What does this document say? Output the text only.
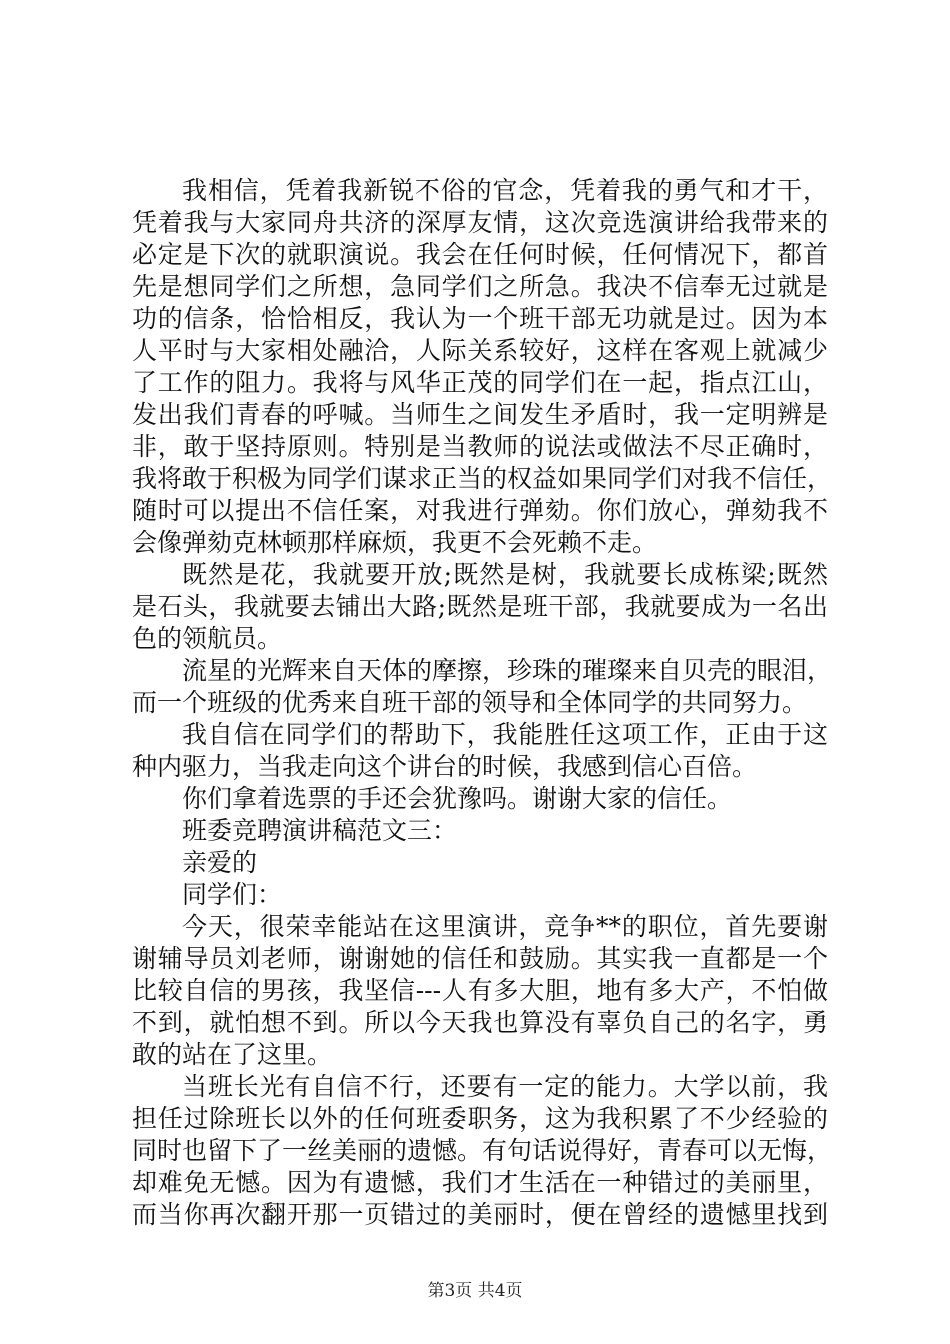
我相信，凭着我新锐不俗的官念，凭着我的勇气和才干，
凭着我与大家同舟共济的深厚友情，这次竞选演讲给我带来的
必定是下次的就职演说。我会在任何时候，任何情况下，都首
先是想同学们之所想，急同学们之所急。我决不信奉无过就是
功的信条，恰恰相反，我认为一个班干部无功就是过。因为本
人平时与大家相处融洽，人际关系较好，这样在客观上就减少
了工作的阻力。我将与风华正茂的同学们在一起，指点江山，
发出我们青春的呼喊。当师生之间发生矛盾时，我一定明辨是
非，敢于坚持原则。特别是当教师的说法或做法不尽正确时，
我将敢于积极为同学们谋求正当的权益如果同学们对我不信任，
随时可以提出不信任案，对我进行弹劾。你们放心，弹劾我不
会像弹劾克林顿那样麻烦，我更不会死赖不走。
既然是花，我就要开放;既然是树，我就要长成栋梁;既然
是石头，我就要去铺出大路;既然是班干部，我就要成为一名出
色的领航员。
流星的光辉来自天体的摩擦，珍珠的璀璨来自贝壳的眼泪，
而一个班级的优秀来自班干部的领导和全体同学的共同努力。
我自信在同学们的帮助下，我能胜任这项工作，正由于这
种内驱力，当我走向这个讲台的时候，我感到信心百倍。
你们拿着选票的手还会犹豫吗。谢谢大家的信任。
班委竞聘演讲稿范文三：
亲爱的
同学们：
今天，很荣幸能站在这里演讲，竞争**的职位，首先要谢
谢辅导员刘老师，谢谢她的信任和鼓励。其实我一直都是一个
比较自信的男孩，我坚信---人有多大胆，地有多大产，不怕做
不到，就怕想不到。所以今天我也算没有辜负自己的名字，勇
敢的站在了这里。
当班长光有自信不行，还要有一定的能力。大学以前，我
担任过除班长以外的任何班委职务，这为我积累了不少经验的
同时也留下了一丝美丽的遗憾。有句话说得好，青春可以无悔，
却难免无憾。因为有遗憾，我们才生活在一种错过的美丽里，
而当你再次翻开那一页错过的美丽时，便在曾经的遗憾里找到
第3页 共4页
